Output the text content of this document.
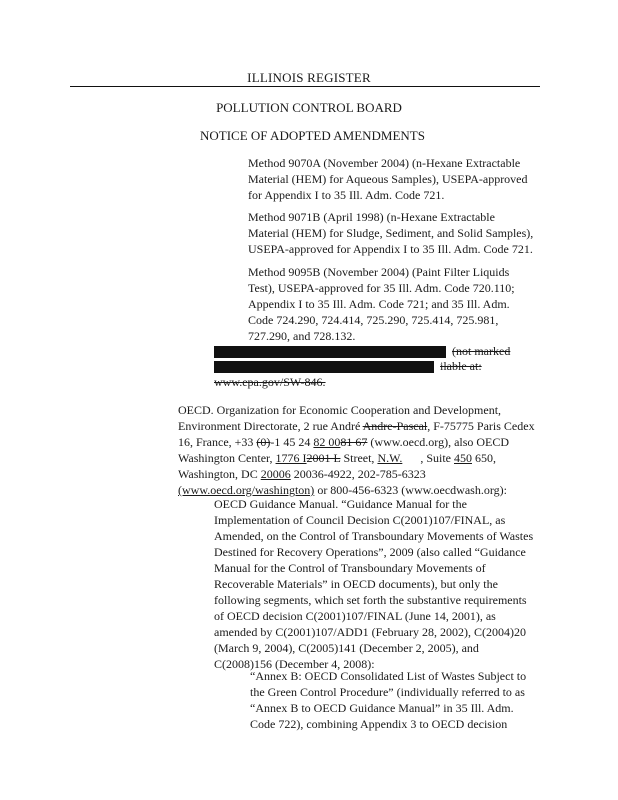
ILLINOIS REGISTER
POLLUTION CONTROL BOARD
NOTICE OF ADOPTED AMENDMENTS
Method 9070A (November 2004) (n-Hexane Extractable
Material (HEM) for Aqueous Samples), USEPA-approved
for Appendix I to 35 Ill. Adm. Code 721.
Method 9071B (April 1998) (n-Hexane Extractable
Material (HEM) for Sludge, Sediment, and Solid Samples),
USEPA-approved for Appendix I to 35 Ill. Adm. Code 721.
Method 9095B (November 2004) (Paint Filter Liquids
Test), USEPA-approved for 35 Ill. Adm. Code 720.110;
Appendix I to 35 Ill. Adm. Code 721; and 35 Ill. Adm.
Code 724.290, 724.414, 725.290, 725.414, 725.981,
727.290, and 728.132.
(not marked
ilable at:
www.epa.gov/SW-846.
OECD. Organization for Economic Cooperation and Development,
Environment Directorate, 2 rue André Andre-Pascal, F-75775 Paris Cedex
16, France, +33 (0)-1 45 24 82 0081 67 (www.oecd.org), also OECD
Washington Center, 1776 I2001 L Street, N.W.      , Suite 450 650,
Washington, DC 20006 20036-4922, 202-785-6323
(www.oecd.org/washington) or 800-456-6323 (www.oecdwash.org):
OECD Guidance Manual. “Guidance Manual for the
Implementation of Council Decision C(2001)107/FINAL, as
Amended, on the Control of Transboundary Movements of Wastes
Destined for Recovery Operations”, 2009 (also called “Guidance
Manual for the Control of Transboundary Movements of
Recoverable Materials” in OECD documents), but only the
following segments, which set forth the substantive requirements
of OECD decision C(2001)107/FINAL (June 14, 2001), as
amended by C(2001)107/ADD1 (February 28, 2002), C(2004)20
(March 9, 2004), C(2005)141 (December 2, 2005), and
C(2008)156 (December 4, 2008):
“Annex B: OECD Consolidated List of Wastes Subject to
the Green Control Procedure” (individually referred to as
“Annex B to OECD Guidance Manual” in 35 Ill. Adm.
Code 722), combining Appendix 3 to OECD decision
